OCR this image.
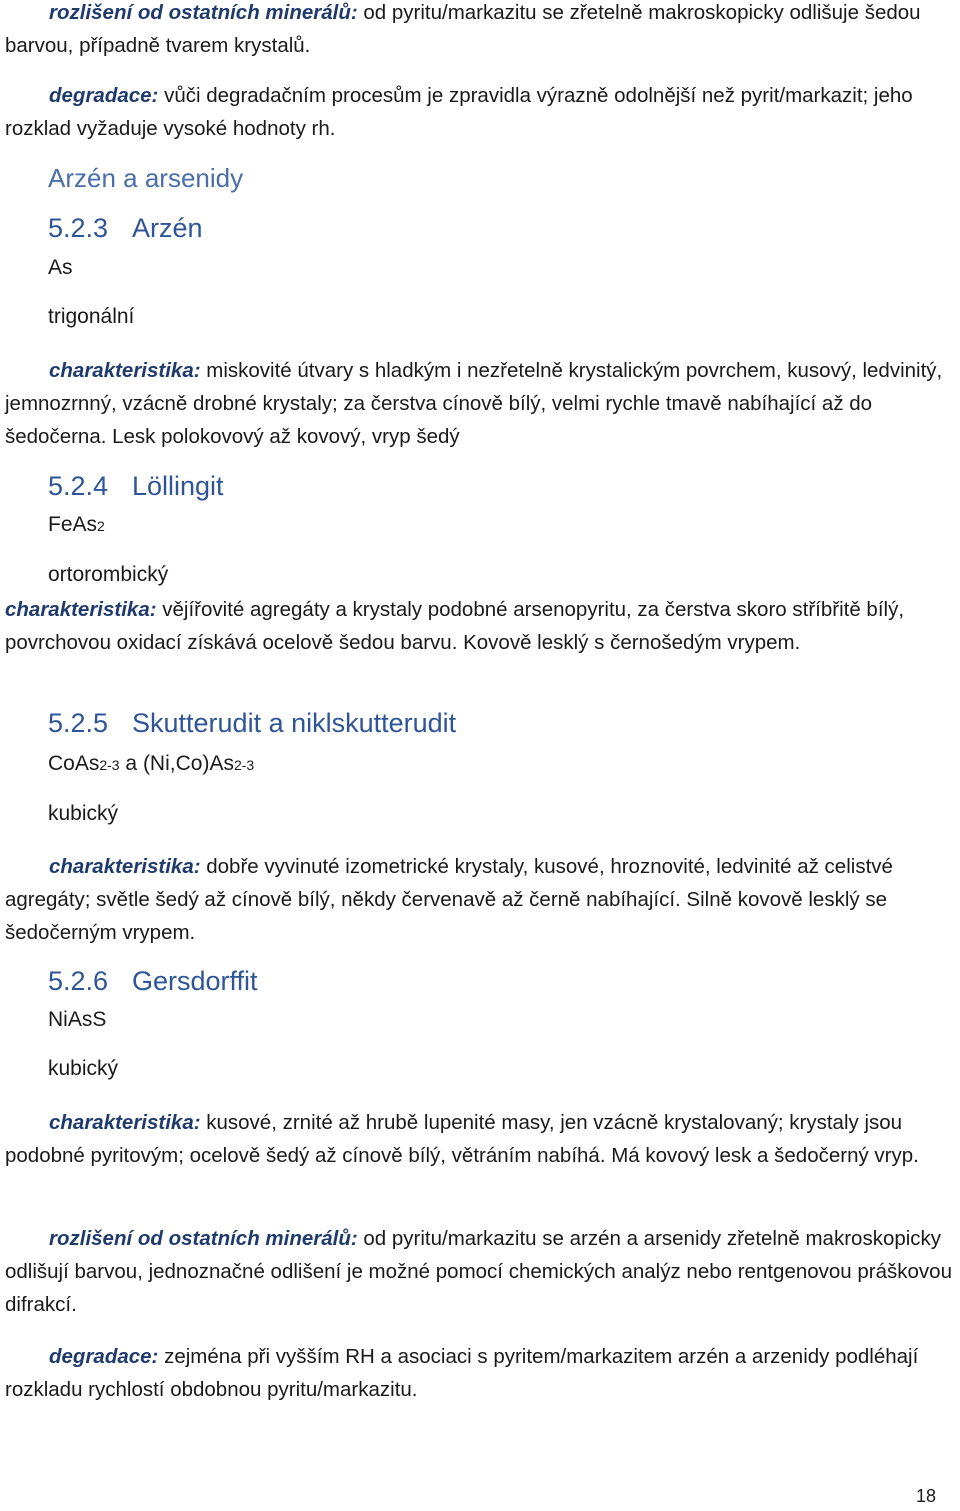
rozlišení od ostatních minerálů: od pyritu/markazitu se zřetelně makroskopicky odlišuje šedou barvou, případně tvarem krystalů.

degradace: vůči degradačním procesům je zpravidla výrazně odolnější než pyrit/markazit; jeho rozklad vyžaduje vysoké hodnoty rh.

Arzén a arsenidy
5.2.3 Arzén

As

trigonální

charakteristika: miskovité útvary s hladkým i nezřetelně krystalickým povrchem, kusový, ledvinitý, jemnozrnný, vzácně drobné krystaly; za čerstva cínově bílý, velmi rychle tmavě nabíhající až do šedočerna. Lesk polokovový až kovový, vryp šedý

5.2.4 Löllingit

FeAs2

ortorombický

charakteristika: vějířovité agregáty a krystaly podobné arsenopyritu, za čerstva skoro stříbřitě bílý, povrchovou oxidací získává ocelově šedou barvu. Kovově lesklý s černošedým vrypem.

5.2.5 Skutterudit a niklskutterudit

CoAs2-3 a (Ni,Co)As2-3

kubický

charakteristika: dobře vyvinuté izometrické krystaly, kusové, hroznovité, ledvinité až celistvé agregáty; světle šedý až cínově bílý, někdy červenavě až černě nabíhající. Silně kovově lesklý se šedočerným vrypem.

5.2.6 Gersdorffit

NiAsS

kubický

charakteristika: kusové, zrnité až hrubě lupenité masy, jen vzácně krystalovaný; krystaly jsou podobné pyritovým; ocelově šedý až cínově bílý, větráním nabíhá. Má kovový lesk a šedočerný vryp.

rozlišení od ostatních minerálů: od pyritu/markazitu se arzén a arsenidy zřetelně makroskopicky odlišují barvou, jednoznačné odlišení je možné pomocí chemických analýz nebo rentgenovou práškovou difrakcí.

degradace: zejména při vyšším RH a asociaci s pyritem/markazitem arzén a arzenidy podléhají rozkladu rychlostí obdobnou pyritu/markazitu.

18
